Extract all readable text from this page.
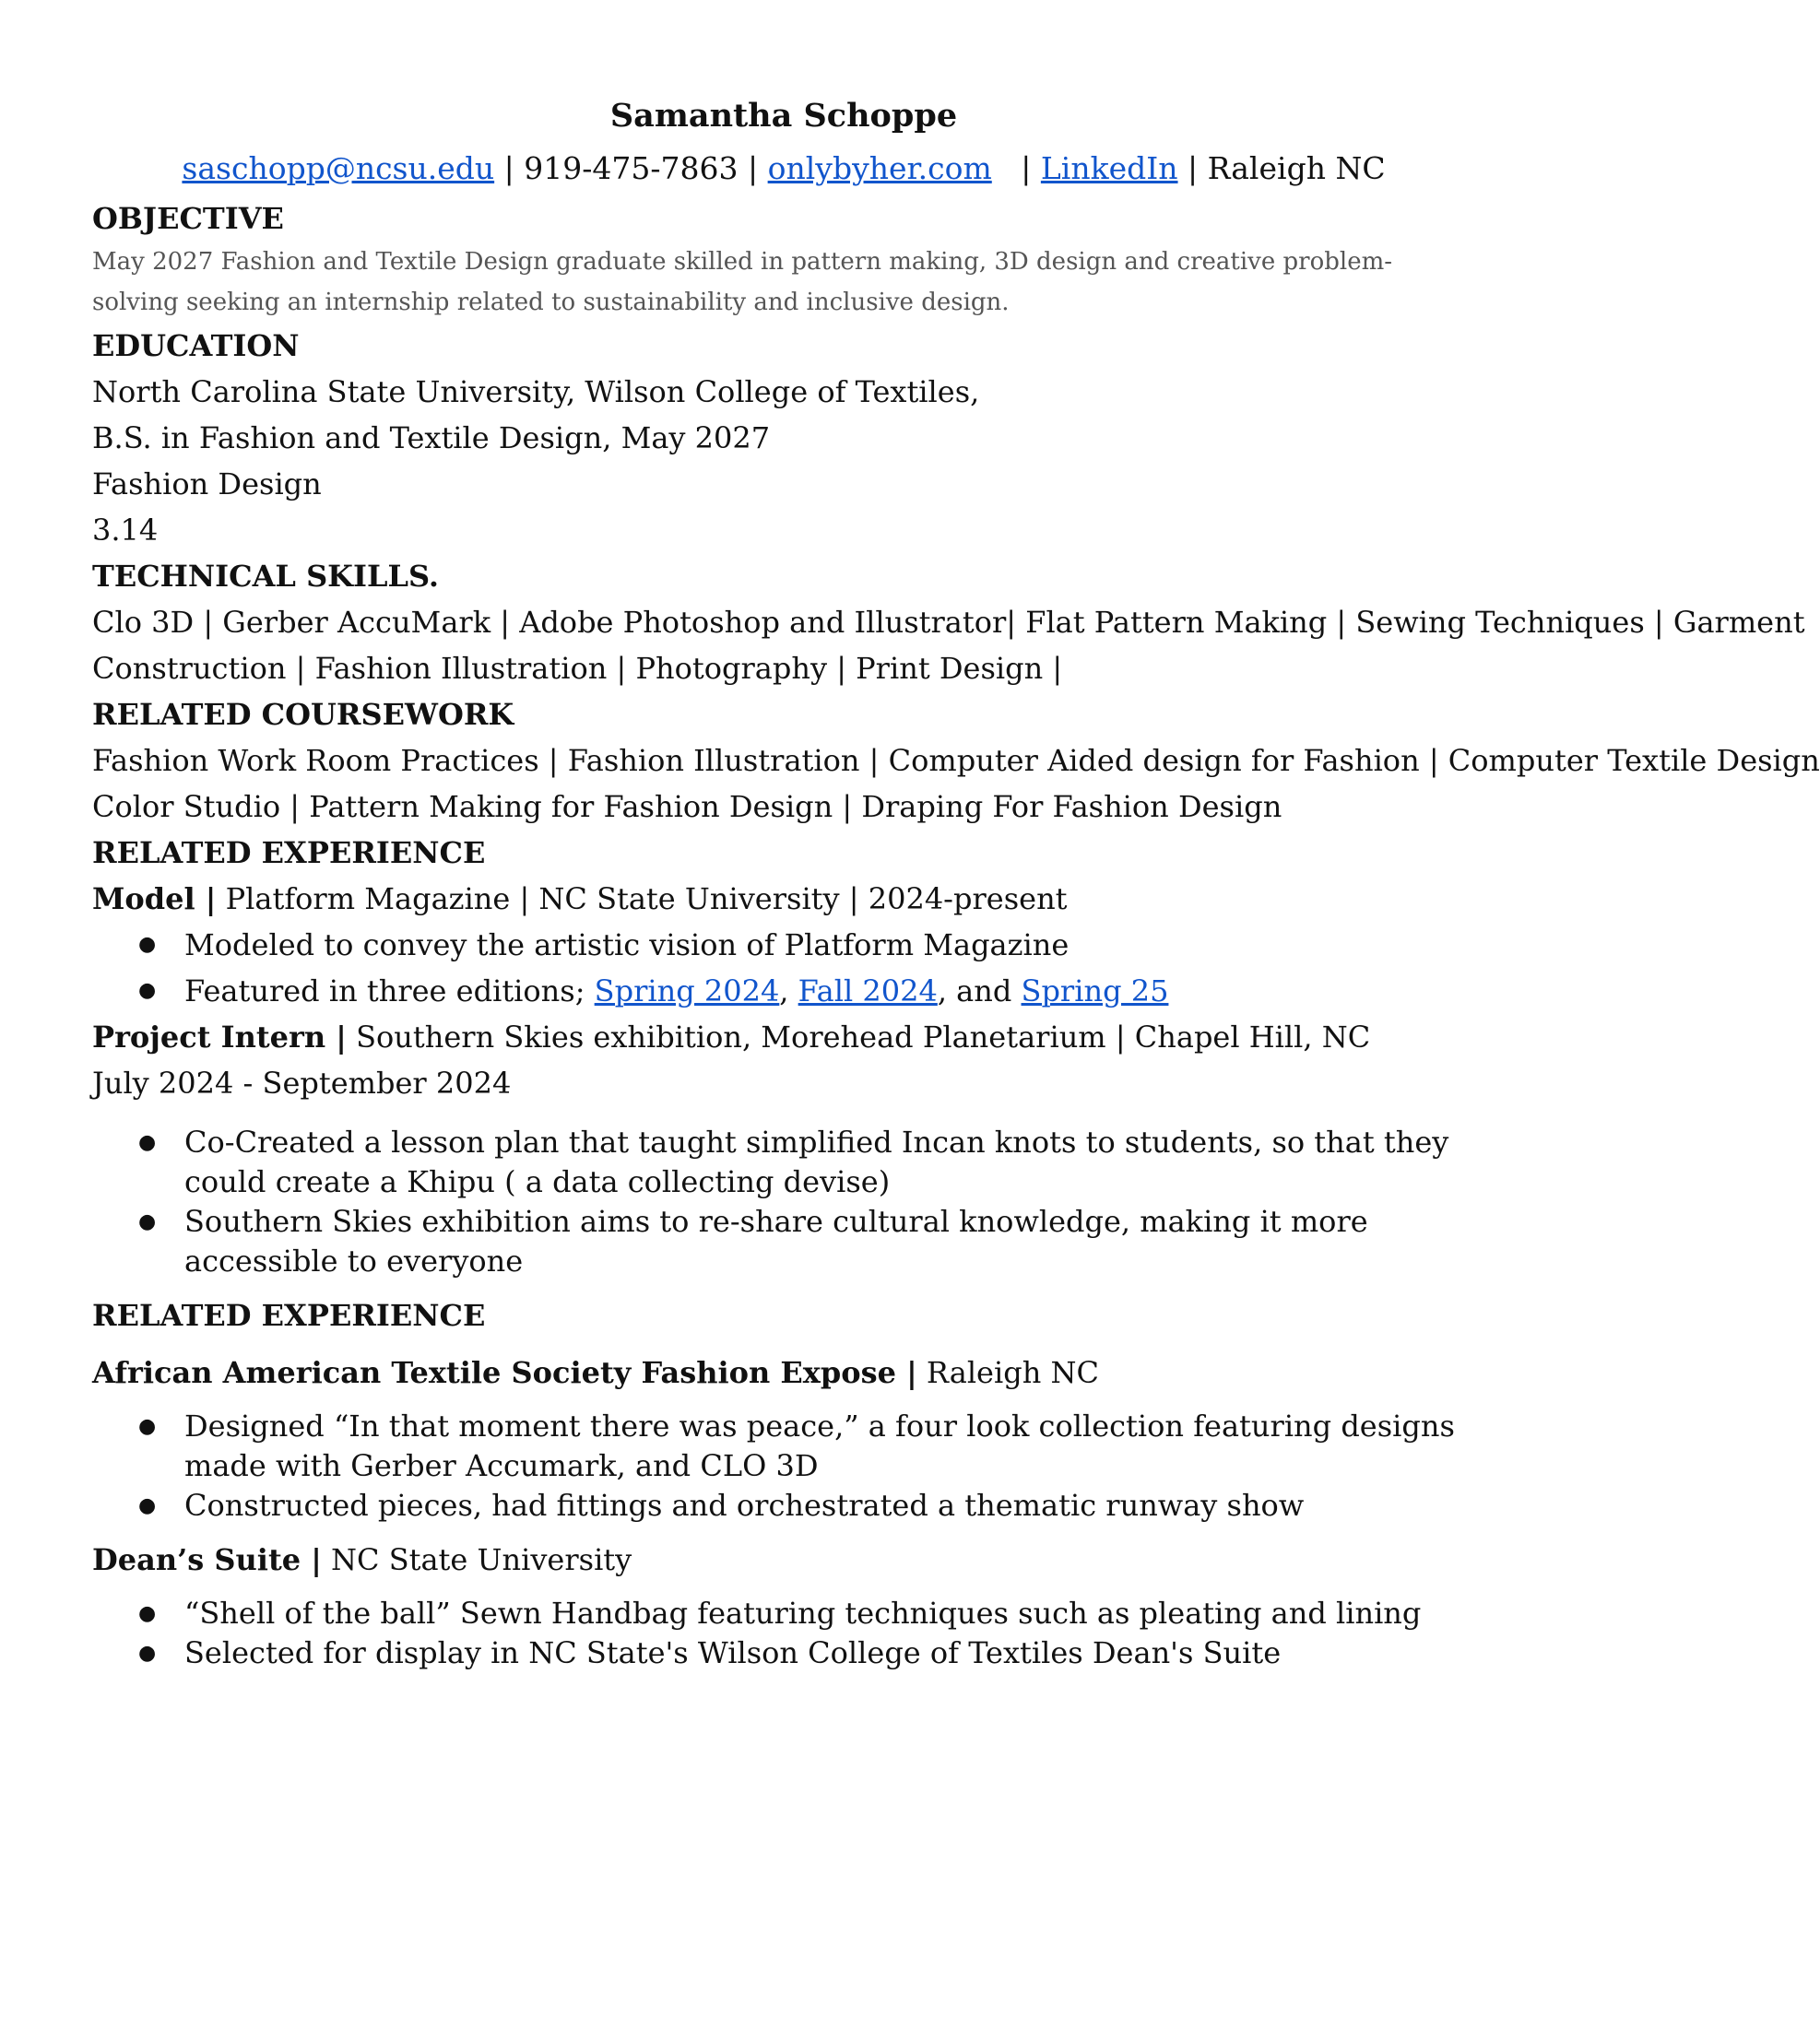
Samantha Schoppe
saschopp@ncsu.edu | 919-475-7863 | onlybyher.com   | LinkedIn | Raleigh NC
OBJECTIVE
May 2027 Fashion and Textile Design graduate skilled in pattern making, 3D design and creative problem-solving seeking an internship related to sustainability and inclusive design.
EDUCATION
North Carolina State University, Wilson College of Textiles,
B.S. in Fashion and Textile Design, May 2027
Fashion Design
3.14
TECHNICAL SKILLS.
Clo 3D | Gerber AccuMark | Adobe Photoshop and Illustrator| Flat Pattern Making | Sewing Techniques | Garment
Construction | Fashion Illustration | Photography | Print Design |
RELATED COURSEWORK
Fashion Work Room Practices | Fashion Illustration | Computer Aided design for Fashion | Computer Textile Design
Color Studio | Pattern Making for Fashion Design | Draping For Fashion Design
RELATED EXPERIENCE
Model | Platform Magazine | NC State University | 2024-present
● Modeled to convey the artistic vision of Platform Magazine
● Featured in three editions; Spring 2024, Fall 2024, and Spring 25
Project Intern | Southern Skies exhibition, Morehead Planetarium | Chapel Hill, NC
July 2024 - September 2024
● Co-Created a lesson plan that taught simplified Incan knots to students, so that they could create a Khipu ( a data collecting devise)
● Southern Skies exhibition aims to re-share cultural knowledge, making it more accessible to everyone
RELATED EXPERIENCE
African American Textile Society Fashion Expose | Raleigh NC
● Designed “In that moment there was peace,” a four look collection featuring designs made with Gerber Accumark, and CLO 3D
● Constructed pieces, had fittings and orchestrated a thematic runway show
Dean’s Suite | NC State University
● “Shell of the ball” Sewn Handbag featuring techniques such as pleating and lining
● Selected for display in NC State's Wilson College of Textiles Dean's Suite
